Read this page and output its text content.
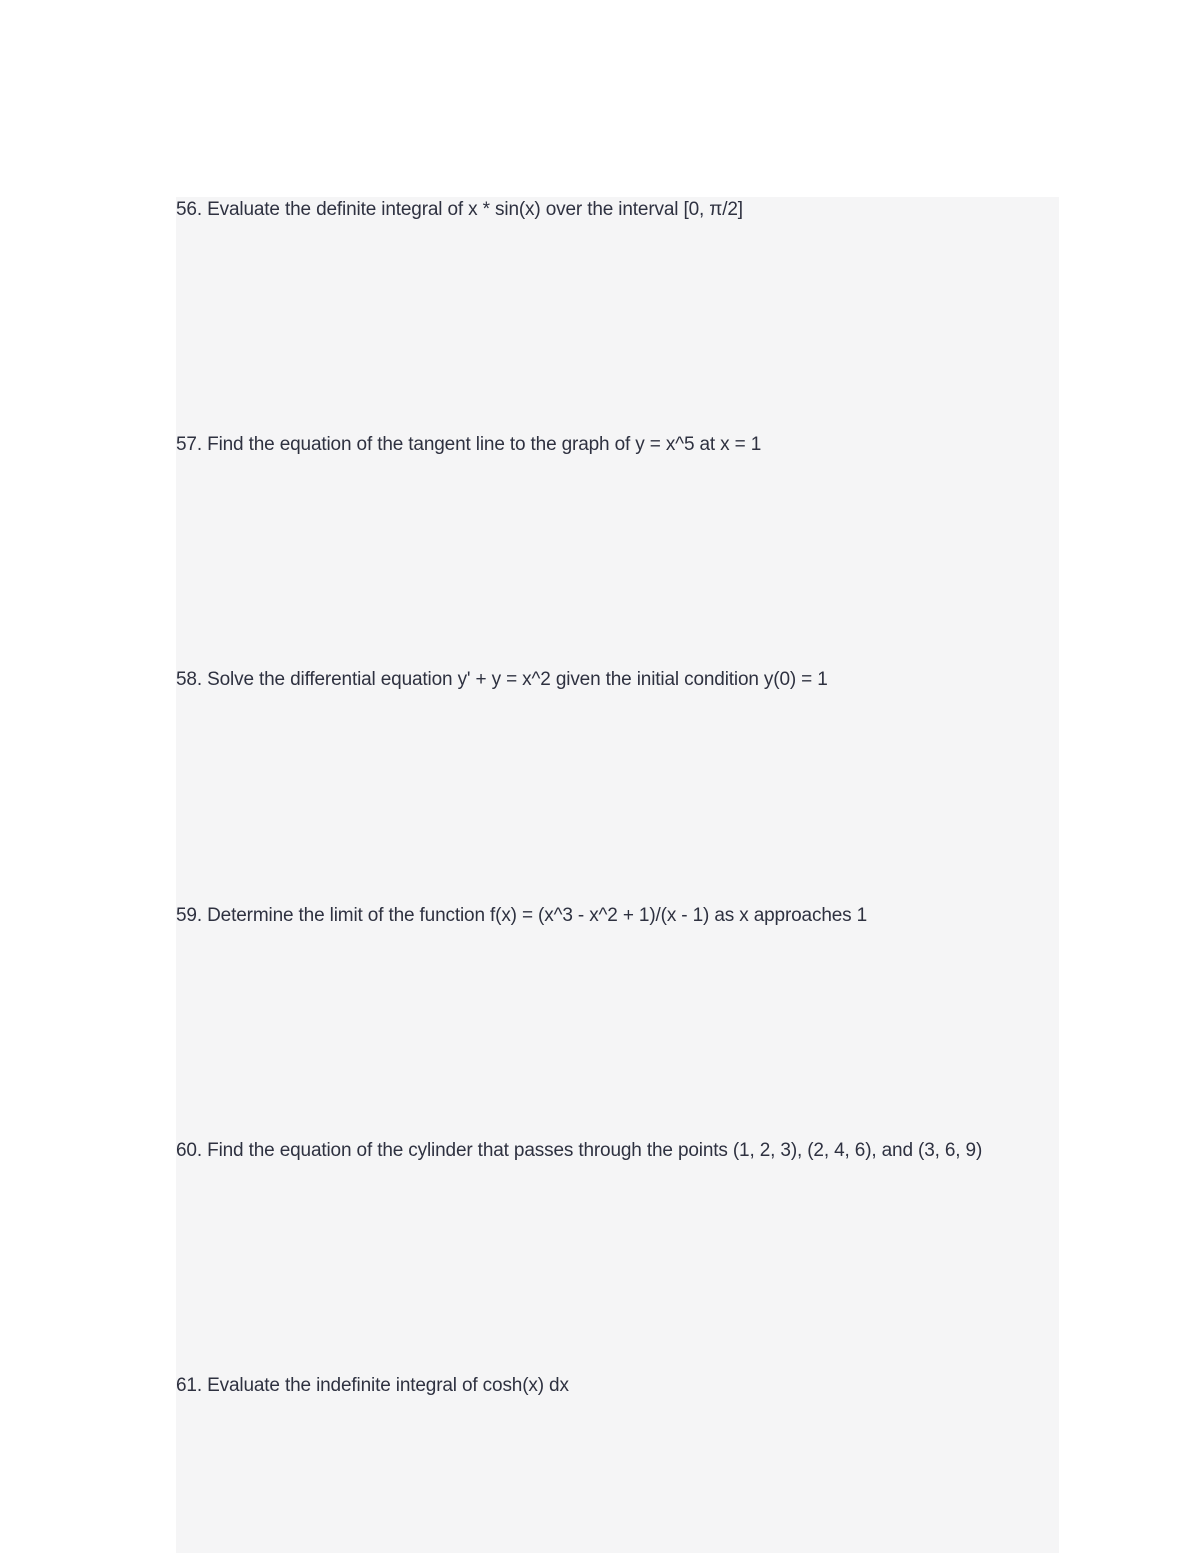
56. Evaluate the definite integral of x * sin(x) over the interval [0, π/2]

57. Find the equation of the tangent line to the graph of y = x^5 at x = 1

58. Solve the differential equation y' + y = x^2 given the initial condition y(0) = 1

59. Determine the limit of the function f(x) = (x^3 - x^2 + 1)/(x - 1) as x approaches 1

60. Find the equation of the cylinder that passes through the points (1, 2, 3), (2, 4, 6), and (3, 6, 9)

61. Evaluate the indefinite integral of cosh(x) dx
